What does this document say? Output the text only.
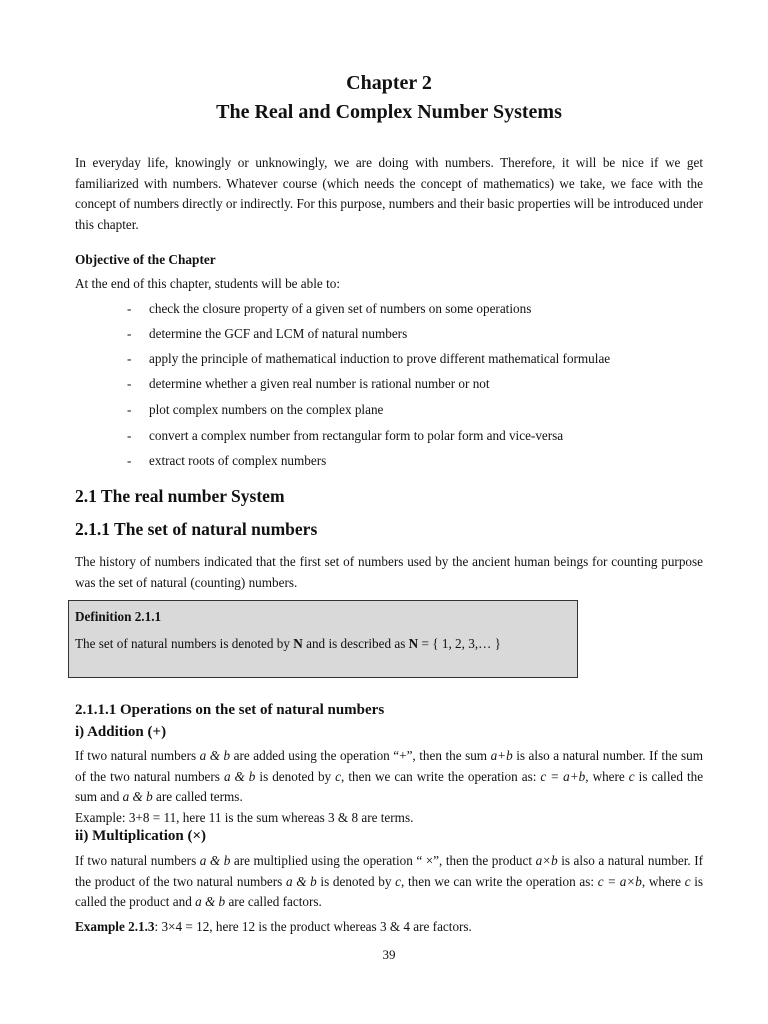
Chapter 2
The Real and Complex Number Systems

In everyday life, knowingly or unknowingly, we are doing with numbers. Therefore, it will be nice if we get familiarized with numbers. Whatever course (which needs the concept of mathematics) we take, we face with the concept of numbers directly or indirectly. For this purpose, numbers and their basic properties will be introduced under this chapter.

Objective of the Chapter
At the end of this chapter, students will be able to:
- check the closure property of a given set of numbers on some operations
- determine the GCF and LCM of natural numbers
- apply the principle of mathematical induction to prove different mathematical formulae
- determine whether a given real number is rational number or not
- plot complex numbers on the complex plane
- convert a complex number from rectangular form to polar form and vice-versa
- extract roots of complex numbers
2.1 The real number System
2.1.1 The set of natural numbers

The history of numbers indicated that the first set of numbers used by the ancient human beings for counting purpose was the set of natural (counting) numbers.

Definition 2.1.1
The set of natural numbers is denoted by N and is described as N = { 1, 2, 3,… }
2.1.1.1 Operations on the set of natural numbers
i) Addition (+)

If two natural numbers a & b are added using the operation “+”, then the sum a+b is also a natural number. If the sum of the two natural numbers a & b is denoted by c, then we can write the operation as: c = a+b, where c is called the sum and a & b are called terms.

Example: 3+8 = 11, here 11 is the sum whereas 3 & 8 are terms.

ii) Multiplication (×)

If two natural numbers a & b are multiplied using the operation “ ×”, then the product a×b is also a natural number. If the product of the two natural numbers a & b is denoted by c, then we can write the operation as: c = a×b, where c is called the product and a & b are called factors.

Example 2.1.3: 3×4 = 12, here 12 is the product whereas 3 & 4 are factors.
39
